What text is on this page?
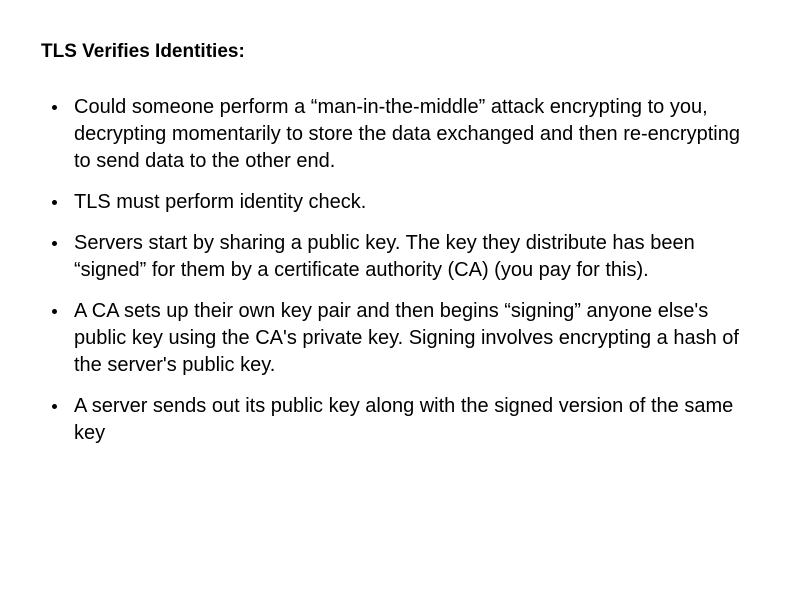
TLS Verifies Identities:
Could someone perform a “man-in-the-middle” attack encrypting to you, decrypting momentarily to store the data exchanged and then re-encrypting to send data to the other end.
TLS must perform identity check.
Servers start by sharing a public key. The key they distribute has been “signed” for them by a certificate authority (CA) (you pay for this).
A CA sets up their own key pair and then begins “signing” anyone else's public key using the CA's private key. Signing involves encrypting a hash of the server's public key.
A server sends out its public key along with the signed version of the same key
